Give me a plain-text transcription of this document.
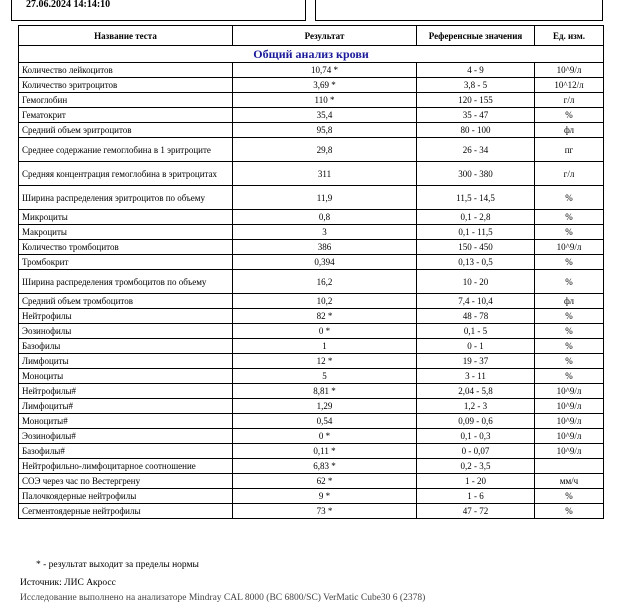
27.06.2024 14:14:10
Название теста	Результат	Референсные значения	Ед. изм.
Общий анализ крови			
Количество лейкоцитов	10,74 *	4 - 9	10^9/л
Количество эритроцитов	3,69 *	3,8 - 5	10^12/л
Гемоглобин	110 *	120 - 155	г/л
Гематокрит	35,4	35 - 47	%
Средний объем эритроцитов	95,8	80 - 100	фл
Среднее содержание гемоглобина в 1 эритроците	29,8	26 - 34	пг
Средняя концентрация гемоглобина в эритроцитах	311	300 - 380	г/л
Ширина распределения эритроцитов по объему	11,9	11,5 - 14,5	%
Микроциты	0,8	0,1 - 2,8	%
Макроциты	3	0,1 - 11,5	%
Количество тромбоцитов	386	150 - 450	10^9/л
Тромбокрит	0,394	0,13 - 0,5	%
Ширина распределения тромбоцитов по объему	16,2	10 - 20	%
Средний объем тромбоцитов	10,2	7,4 - 10,4	фл
Нейтрофилы	82 *	48 - 78	%
Эозинофилы	0 *	0,1 - 5	%
Базофилы	1	0 - 1	%
Лимфоциты	12 *	19 - 37	%
Моноциты	5	3 - 11	%
Нейтрофилы#	8,81 *	2,04 - 5,8	10^9/л
Лимфоциты#	1,29	1,2 - 3	10^9/л
Моноциты#	0,54	0,09 - 0,6	10^9/л
Эозинофилы#	0 *	0,1 - 0,3	10^9/л
Базофилы#	0,11 *	0 - 0,07	10^9/л
Нейтрофильно-лимфоцитарное соотношение	6,83 *	0,2 - 3,5	
СОЭ через час по Вестергрену	62 *	1 - 20	мм/ч
Палочкоядерные нейтрофилы	9 *	1 - 6	%
Сегментоядерные нейтрофилы	73 *	47 - 72	%
* - результат выходит за пределы нормы
Источник: ЛИС Акросс
Исследование выполнено на анализаторе Mindray CAL 8000 (BC 6800/SC) VerMatic Cube30 6 (2378)
